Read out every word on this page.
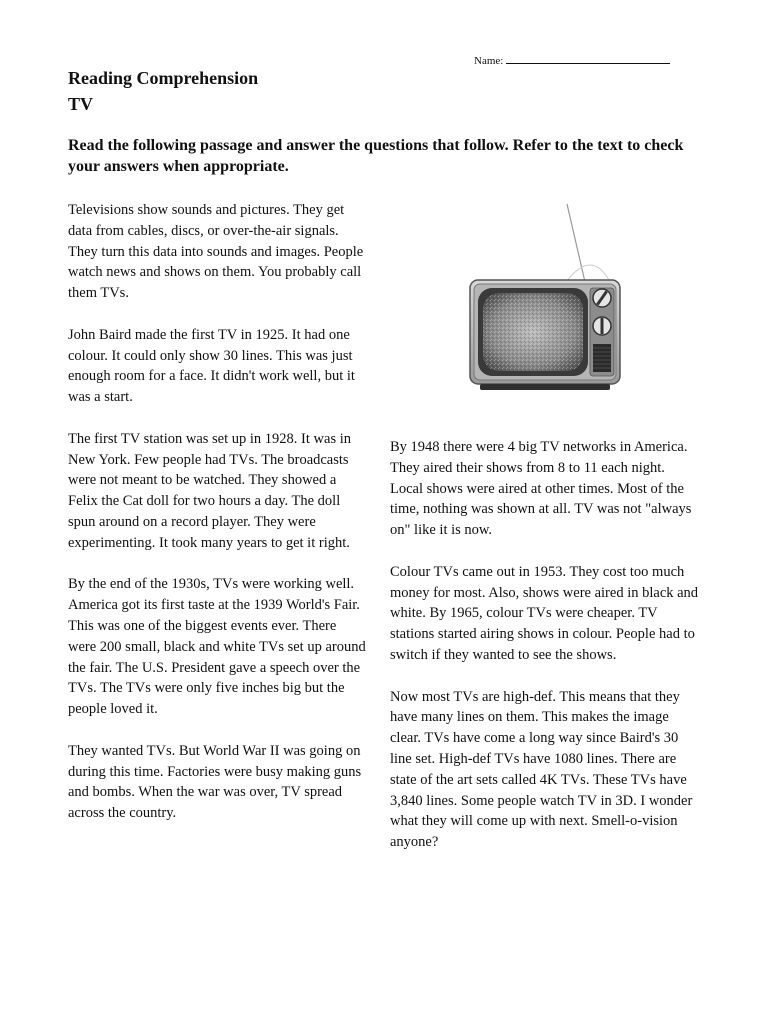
Name:
Reading Comprehension
TV
Read the following passage and answer the questions that follow. Refer to the text to check your answers when appropriate.

Televisions show sounds and pictures. They get data from cables, discs, or over-the-air signals. They turn this data into sounds and images. People watch news and shows on them. You probably call them TVs.

John Baird made the first TV in 1925. It had one colour. It could only show 30 lines. This was just enough room for a face. It didn't work well, but it was a start.

The first TV station was set up in 1928. It was in New York. Few people had TVs. The broadcasts were not meant to be watched. They showed a Felix the Cat doll for two hours a day. The doll spun around on a record player. They were experimenting. It took many years to get it right.

By the end of the 1930s, TVs were working well. America got its first taste at the 1939 World's Fair. This was one of the biggest events ever. There were 200 small, black and white TVs set up around the fair. The U.S. President gave a speech over the TVs. The TVs were only five inches big but the people loved it.

They wanted TVs. But World War II was going on during this time. Factories were busy making guns and bombs. When the war was over, TV spread across the country.

By 1948 there were 4 big TV networks in America. They aired their shows from 8 to 11 each night. Local shows were aired at other times. Most of the time, nothing was shown at all. TV was not "always on" like it is now.

Colour TVs came out in 1953. They cost too much money for most. Also, shows were aired in black and white. By 1965, colour TVs were cheaper. TV stations started airing shows in colour. People had to switch if they wanted to see the shows.

Now most TVs are high-def. This means that they have many lines on them. This makes the image clear. TVs have come a long way since Baird's 30 line set. High-def TVs have 1080 lines. There are state of the art sets called 4K TVs. These TVs have 3,840 lines. Some people watch TV in 3D. I wonder what they will come up with next. Smell-o-vision anyone?
